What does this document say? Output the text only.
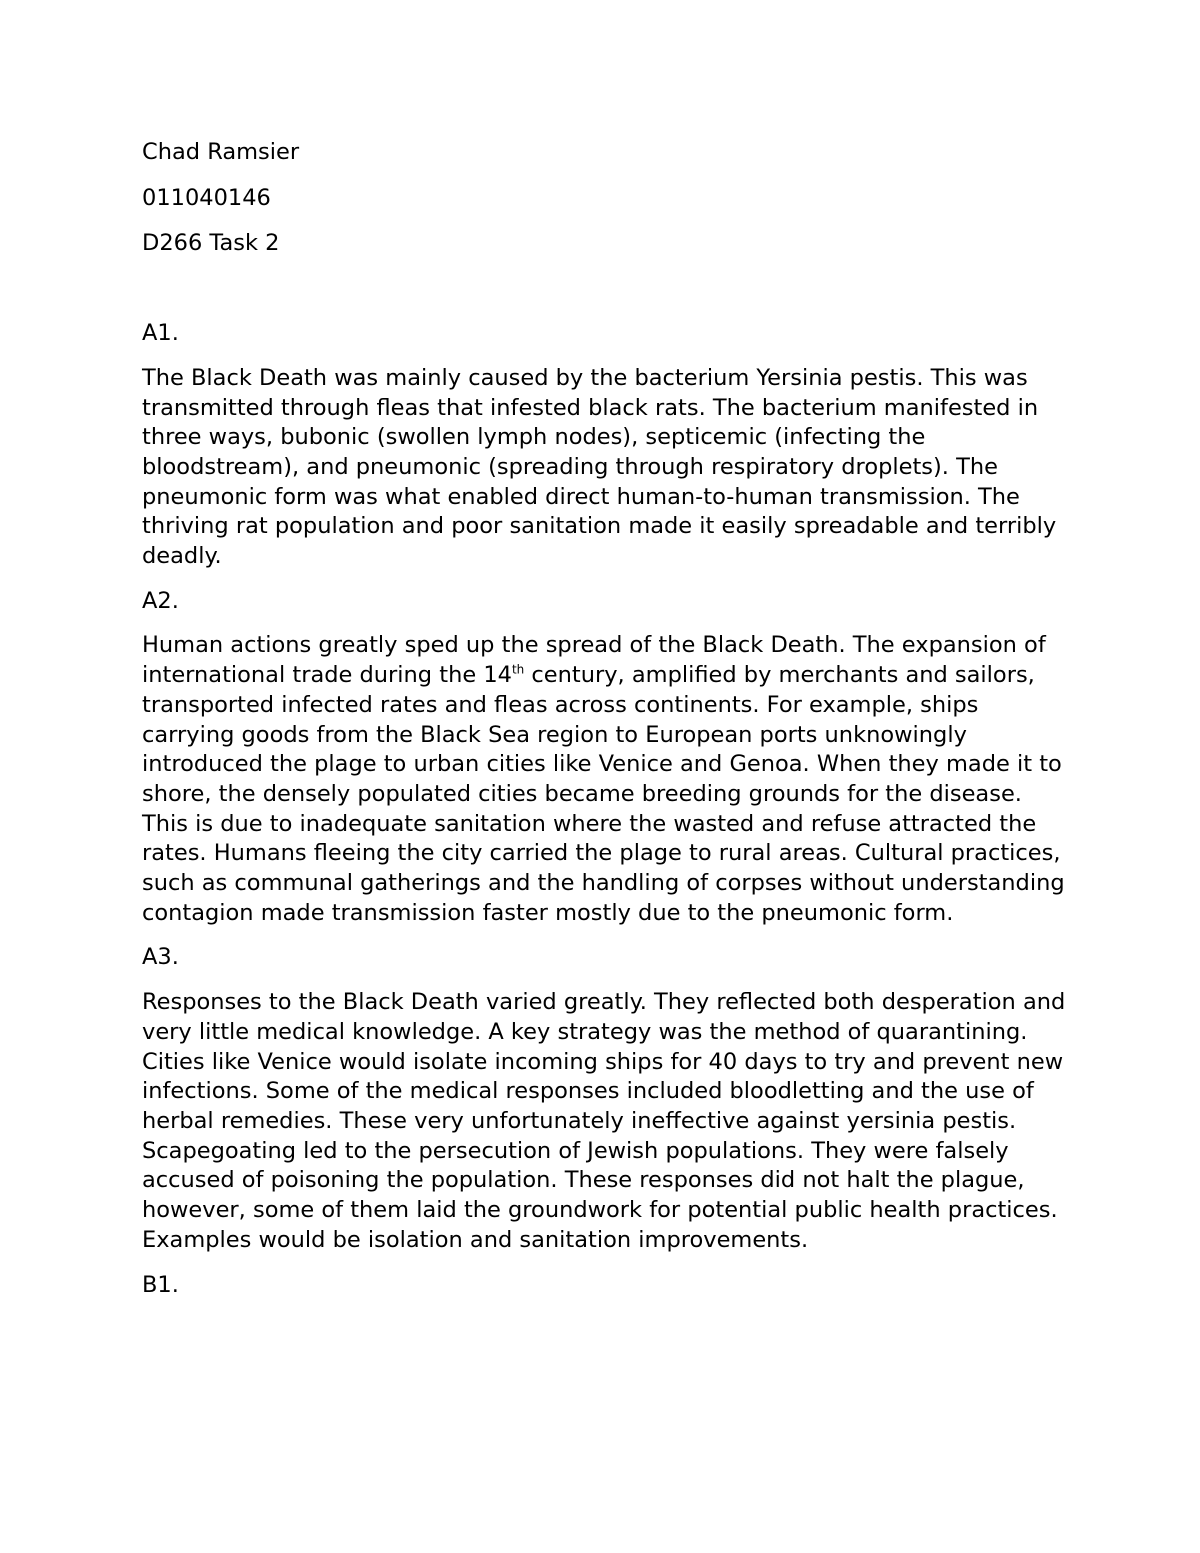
Chad Ramsier

011040146

D266 Task 2

A1.

The Black Death was mainly caused by the bacterium Yersinia pestis. This was transmitted through fleas that infested black rats. The bacterium manifested in three ways, bubonic (swollen lymph nodes), septicemic (infecting the bloodstream), and pneumonic (spreading through respiratory droplets). The pneumonic form was what enabled direct human-to-human transmission. The thriving rat population and poor sanitation made it easily spreadable and terribly deadly.

A2.

Human actions greatly sped up the spread of the Black Death. The expansion of international trade during the 14th century, amplified by merchants and sailors, transported infected rates and fleas across continents. For example, ships carrying goods from the Black Sea region to European ports unknowingly introduced the plage to urban cities like Venice and Genoa. When they made it to shore, the densely populated cities became breeding grounds for the disease. This is due to inadequate sanitation where the wasted and refuse attracted the rates. Humans fleeing the city carried the plage to rural areas. Cultural practices, such as communal gatherings and the handling of corpses without understanding contagion made transmission faster mostly due to the pneumonic form.

A3.

Responses to the Black Death varied greatly. They reflected both desperation and very little medical knowledge. A key strategy was the method of quarantining. Cities like Venice would isolate incoming ships for 40 days to try and prevent new infections. Some of the medical responses included bloodletting and the use of herbal remedies. These very unfortunately ineffective against yersinia pestis. Scapegoating led to the persecution of Jewish populations. They were falsely accused of poisoning the population. These responses did not halt the plague, however, some of them laid the groundwork for potential public health practices. Examples would be isolation and sanitation improvements.

B1.
